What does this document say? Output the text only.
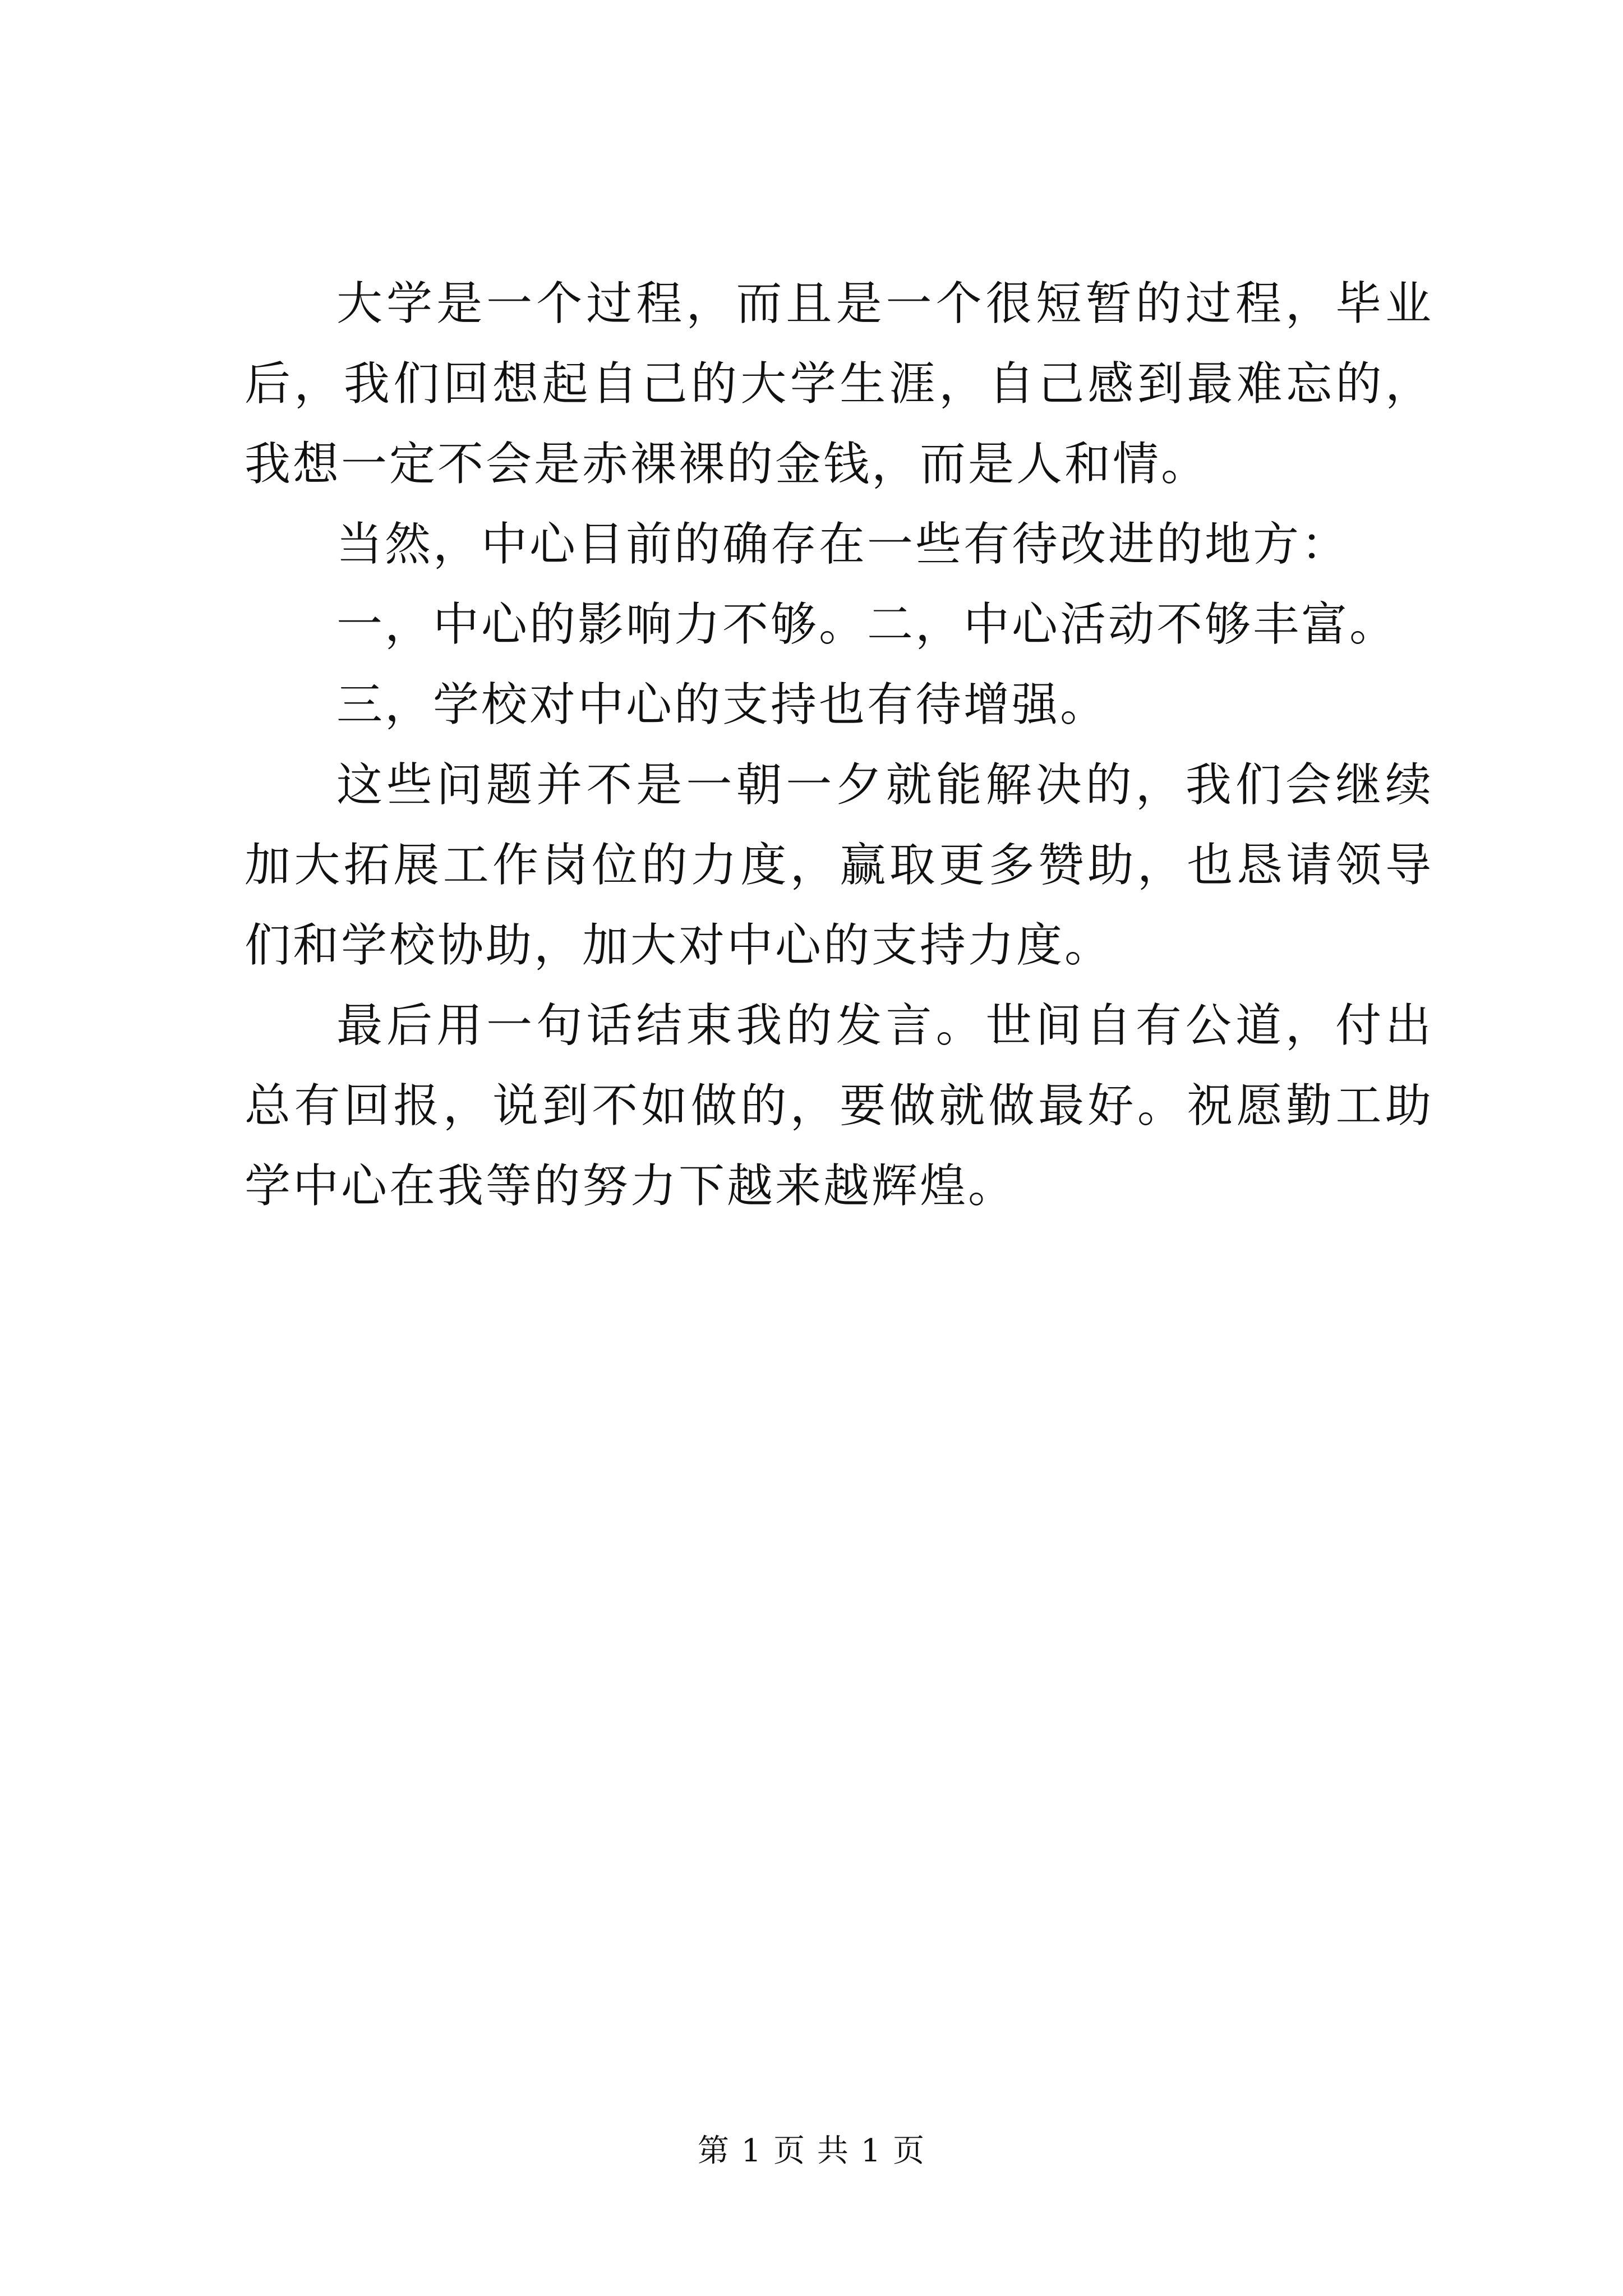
大学是一个过程，而且是一个很短暂的过程，毕业后，我们回想起自己的大学生涯，自己感到最难忘的，我想一定不会是赤裸裸的金钱，而是人和情。

当然，中心目前的确存在一些有待改进的地方：

一，中心的影响力不够。二，中心活动不够丰富。

三，学校对中心的支持也有待增强。

这些问题并不是一朝一夕就能解决的，我们会继续加大拓展工作岗位的力度，赢取更多赞助，也恳请领导们和学校协助，加大对中心的支持力度。

最后用一句话结束我的发言。世间自有公道，付出总有回报，说到不如做的，要做就做最好。祝愿勤工助学中心在我等的努力下越来越辉煌。

第 1 页 共 1 页
